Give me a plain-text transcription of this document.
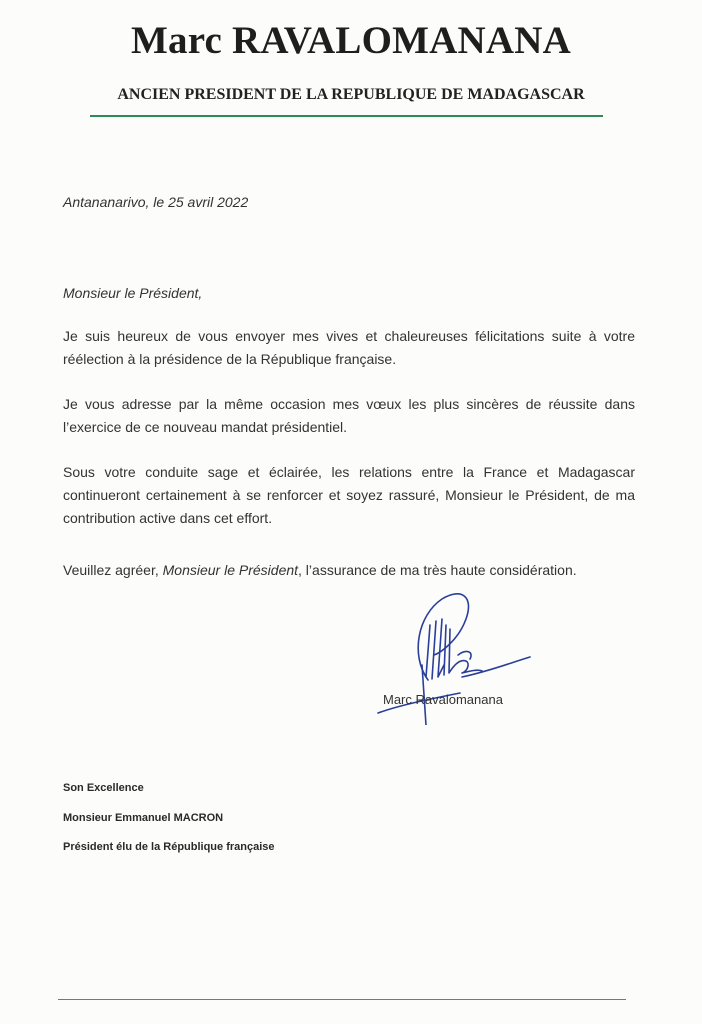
Marc RAVALOMANANA
ANCIEN PRESIDENT DE LA REPUBLIQUE DE MADAGASCAR
Antananarivo, le 25 avril 2022
Monsieur le Président,
Je suis heureux de vous envoyer mes vives et chaleureuses félicitations suite à votre
réélection à la présidence de la République française.
Je vous adresse par la même occasion mes vœux les plus sincères de réussite dans
l’exercice de ce nouveau mandat présidentiel.
Sous votre conduite sage et éclairée, les relations entre la France et Madagascar
continueront certainement à se renforcer et soyez rassuré, Monsieur le Président, de ma
contribution active dans cet effort.
Veuillez agréer, Monsieur le Président, l’assurance de ma très haute considération.
Marc Ravalomanana
Son Excellence
Monsieur Emmanuel MACRON
Président élu de la République française
